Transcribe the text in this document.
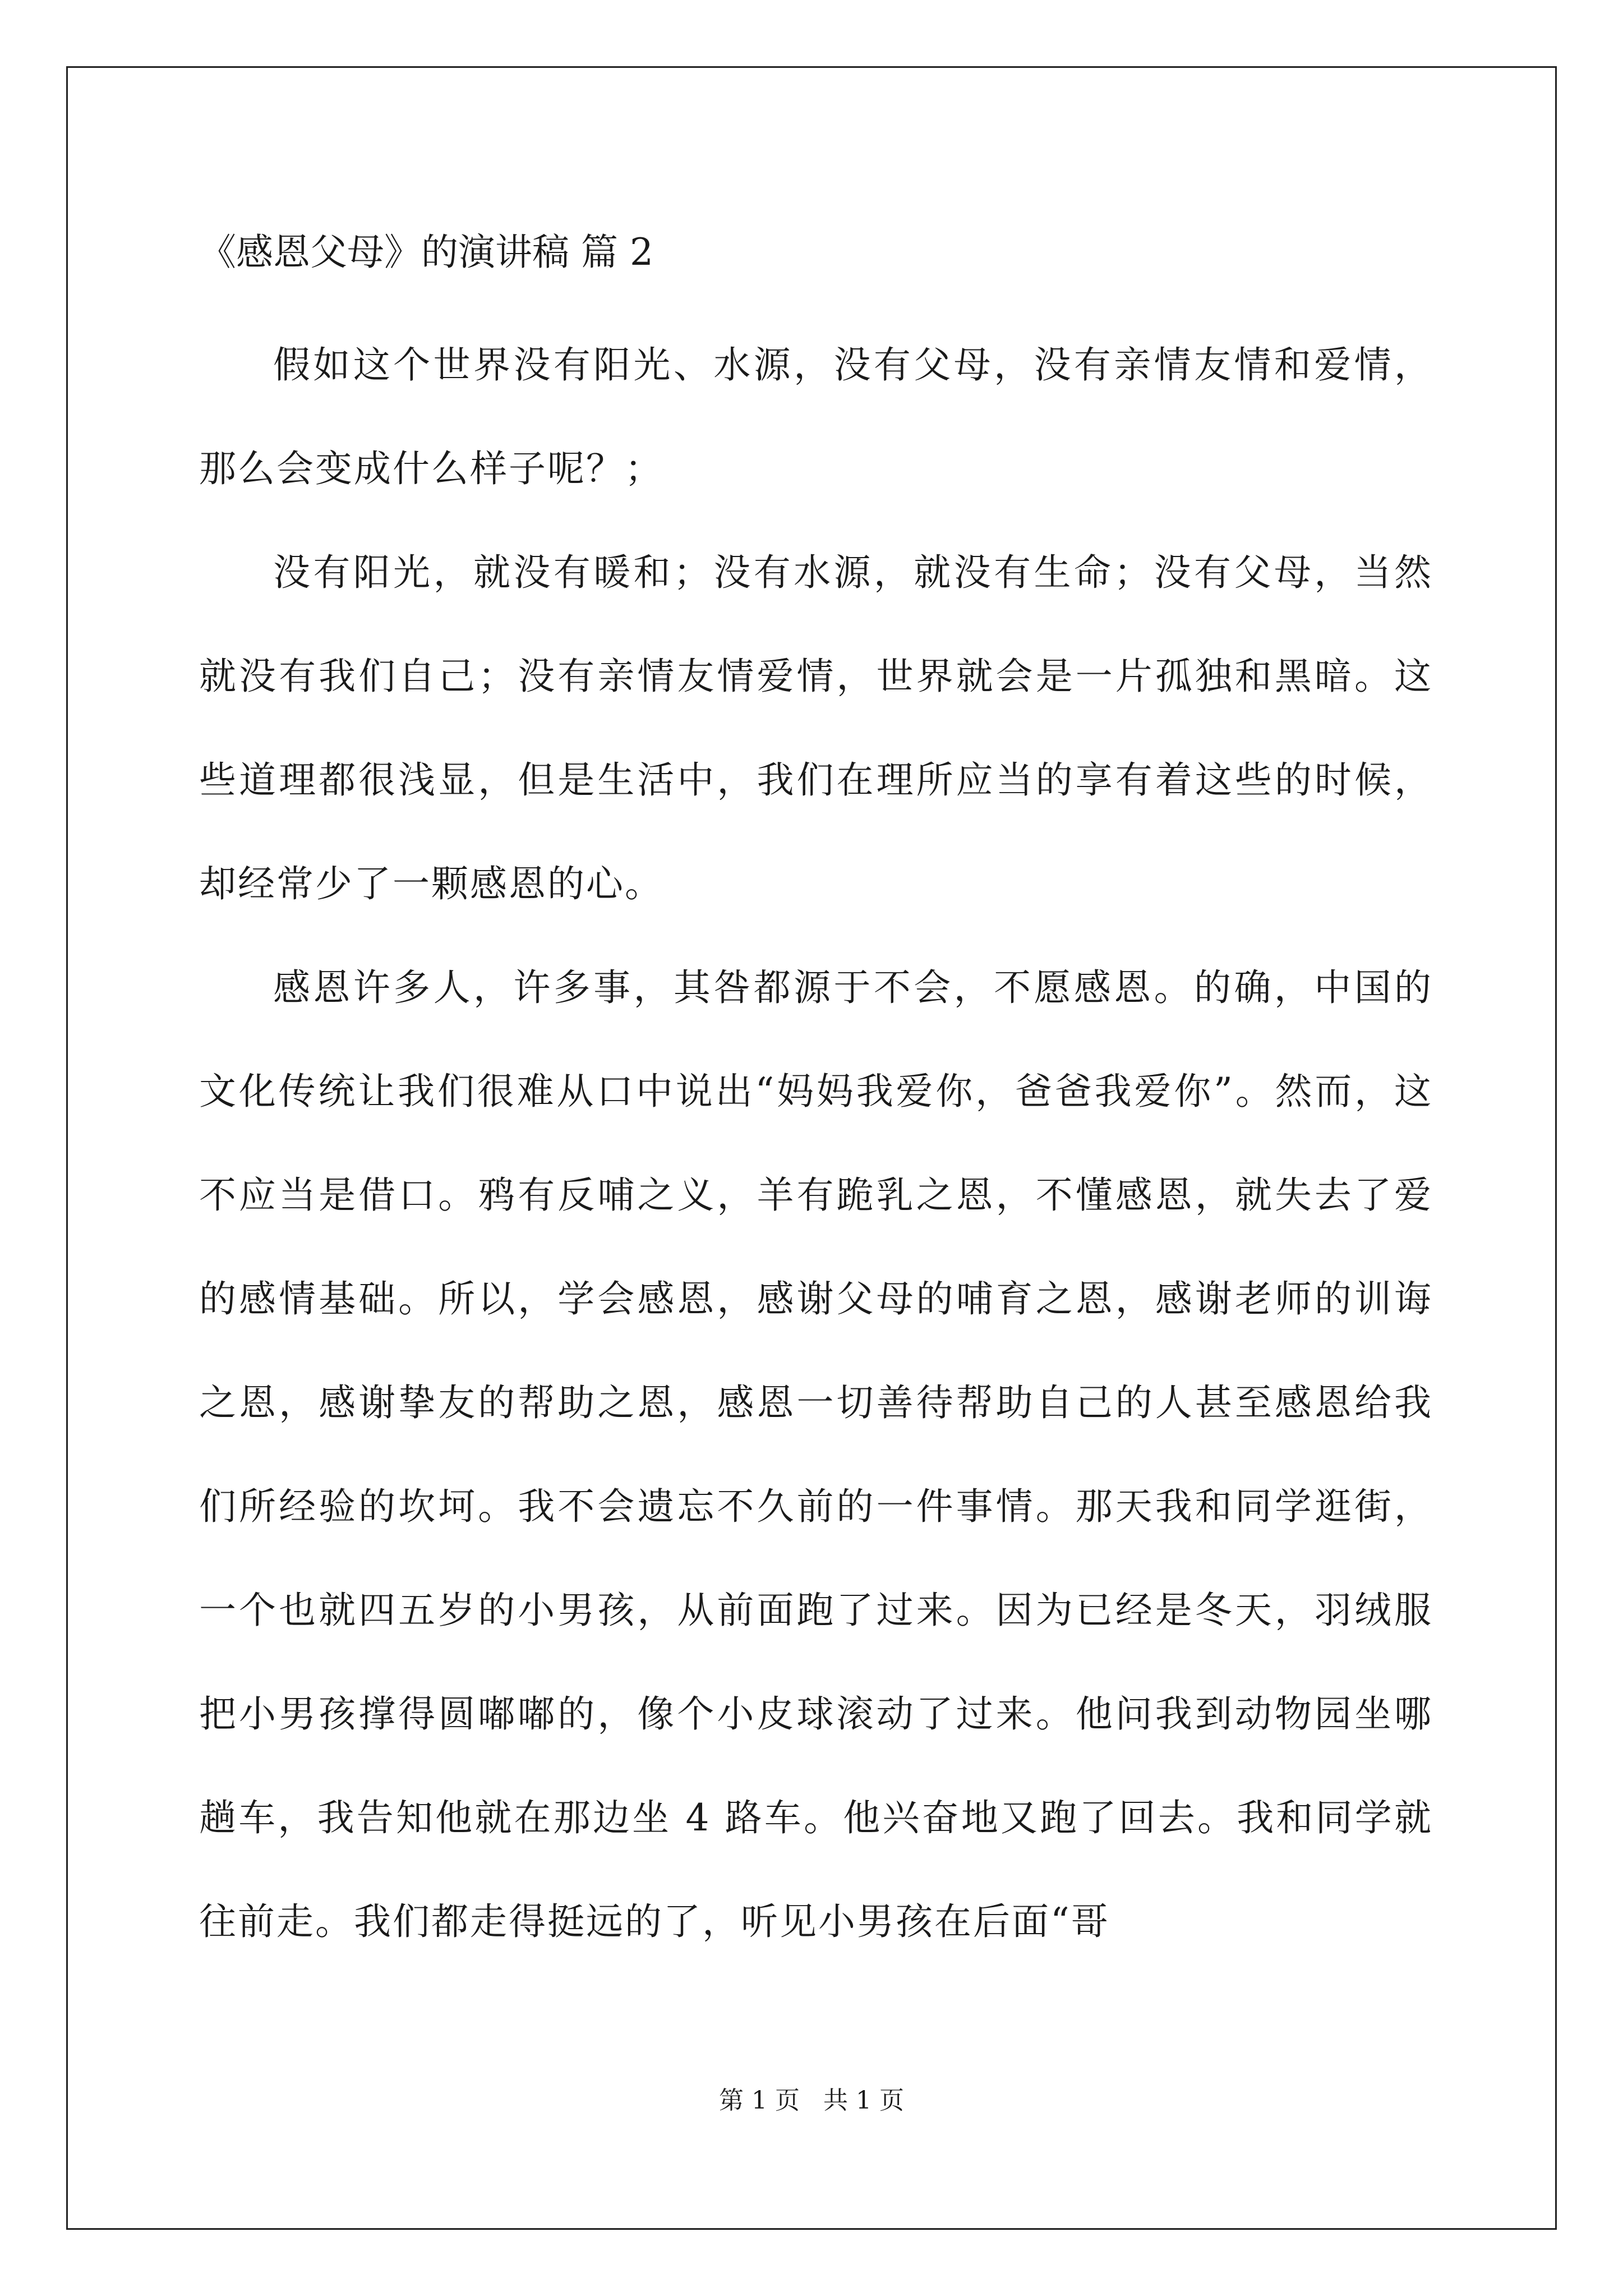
《感恩父母》的演讲稿 篇 2

假如这个世界没有阳光、水源，没有父母，没有亲情友情和爱情，那么会变成什么样子呢？；

没有阳光，就没有暖和；没有水源，就没有生命；没有父母，当然就没有我们自己；没有亲情友情爱情，世界就会是一片孤独和黑暗。这些道理都很浅显，但是生活中，我们在理所应当的享有着这些的时候，却经常少了一颗感恩的心。

感恩许多人，许多事，其咎都源于不会，不愿感恩。的确，中国的文化传统让我们很难从口中说出“妈妈我爱你，爸爸我爱你”。然而，这不应当是借口。鸦有反哺之义，羊有跪乳之恩，不懂感恩，就失去了爱的感情基础。所以，学会感恩，感谢父母的哺育之恩，感谢老师的训诲之恩，感谢挚友的帮助之恩，感恩一切善待帮助自己的人甚至感恩给我们所经验的坎坷。我不会遗忘不久前的一件事情。那天我和同学逛街，一个也就四五岁的小男孩，从前面跑了过来。因为已经是冬天，羽绒服把小男孩撑得圆嘟嘟的，像个小皮球滚动了过来。他问我到动物园坐哪趟车，我告知他就在那边坐 4 路车。他兴奋地又跑了回去。我和同学就往前走。我们都走得挺远的了，听见小男孩在后面“哥

第 1 页   共 1 页
